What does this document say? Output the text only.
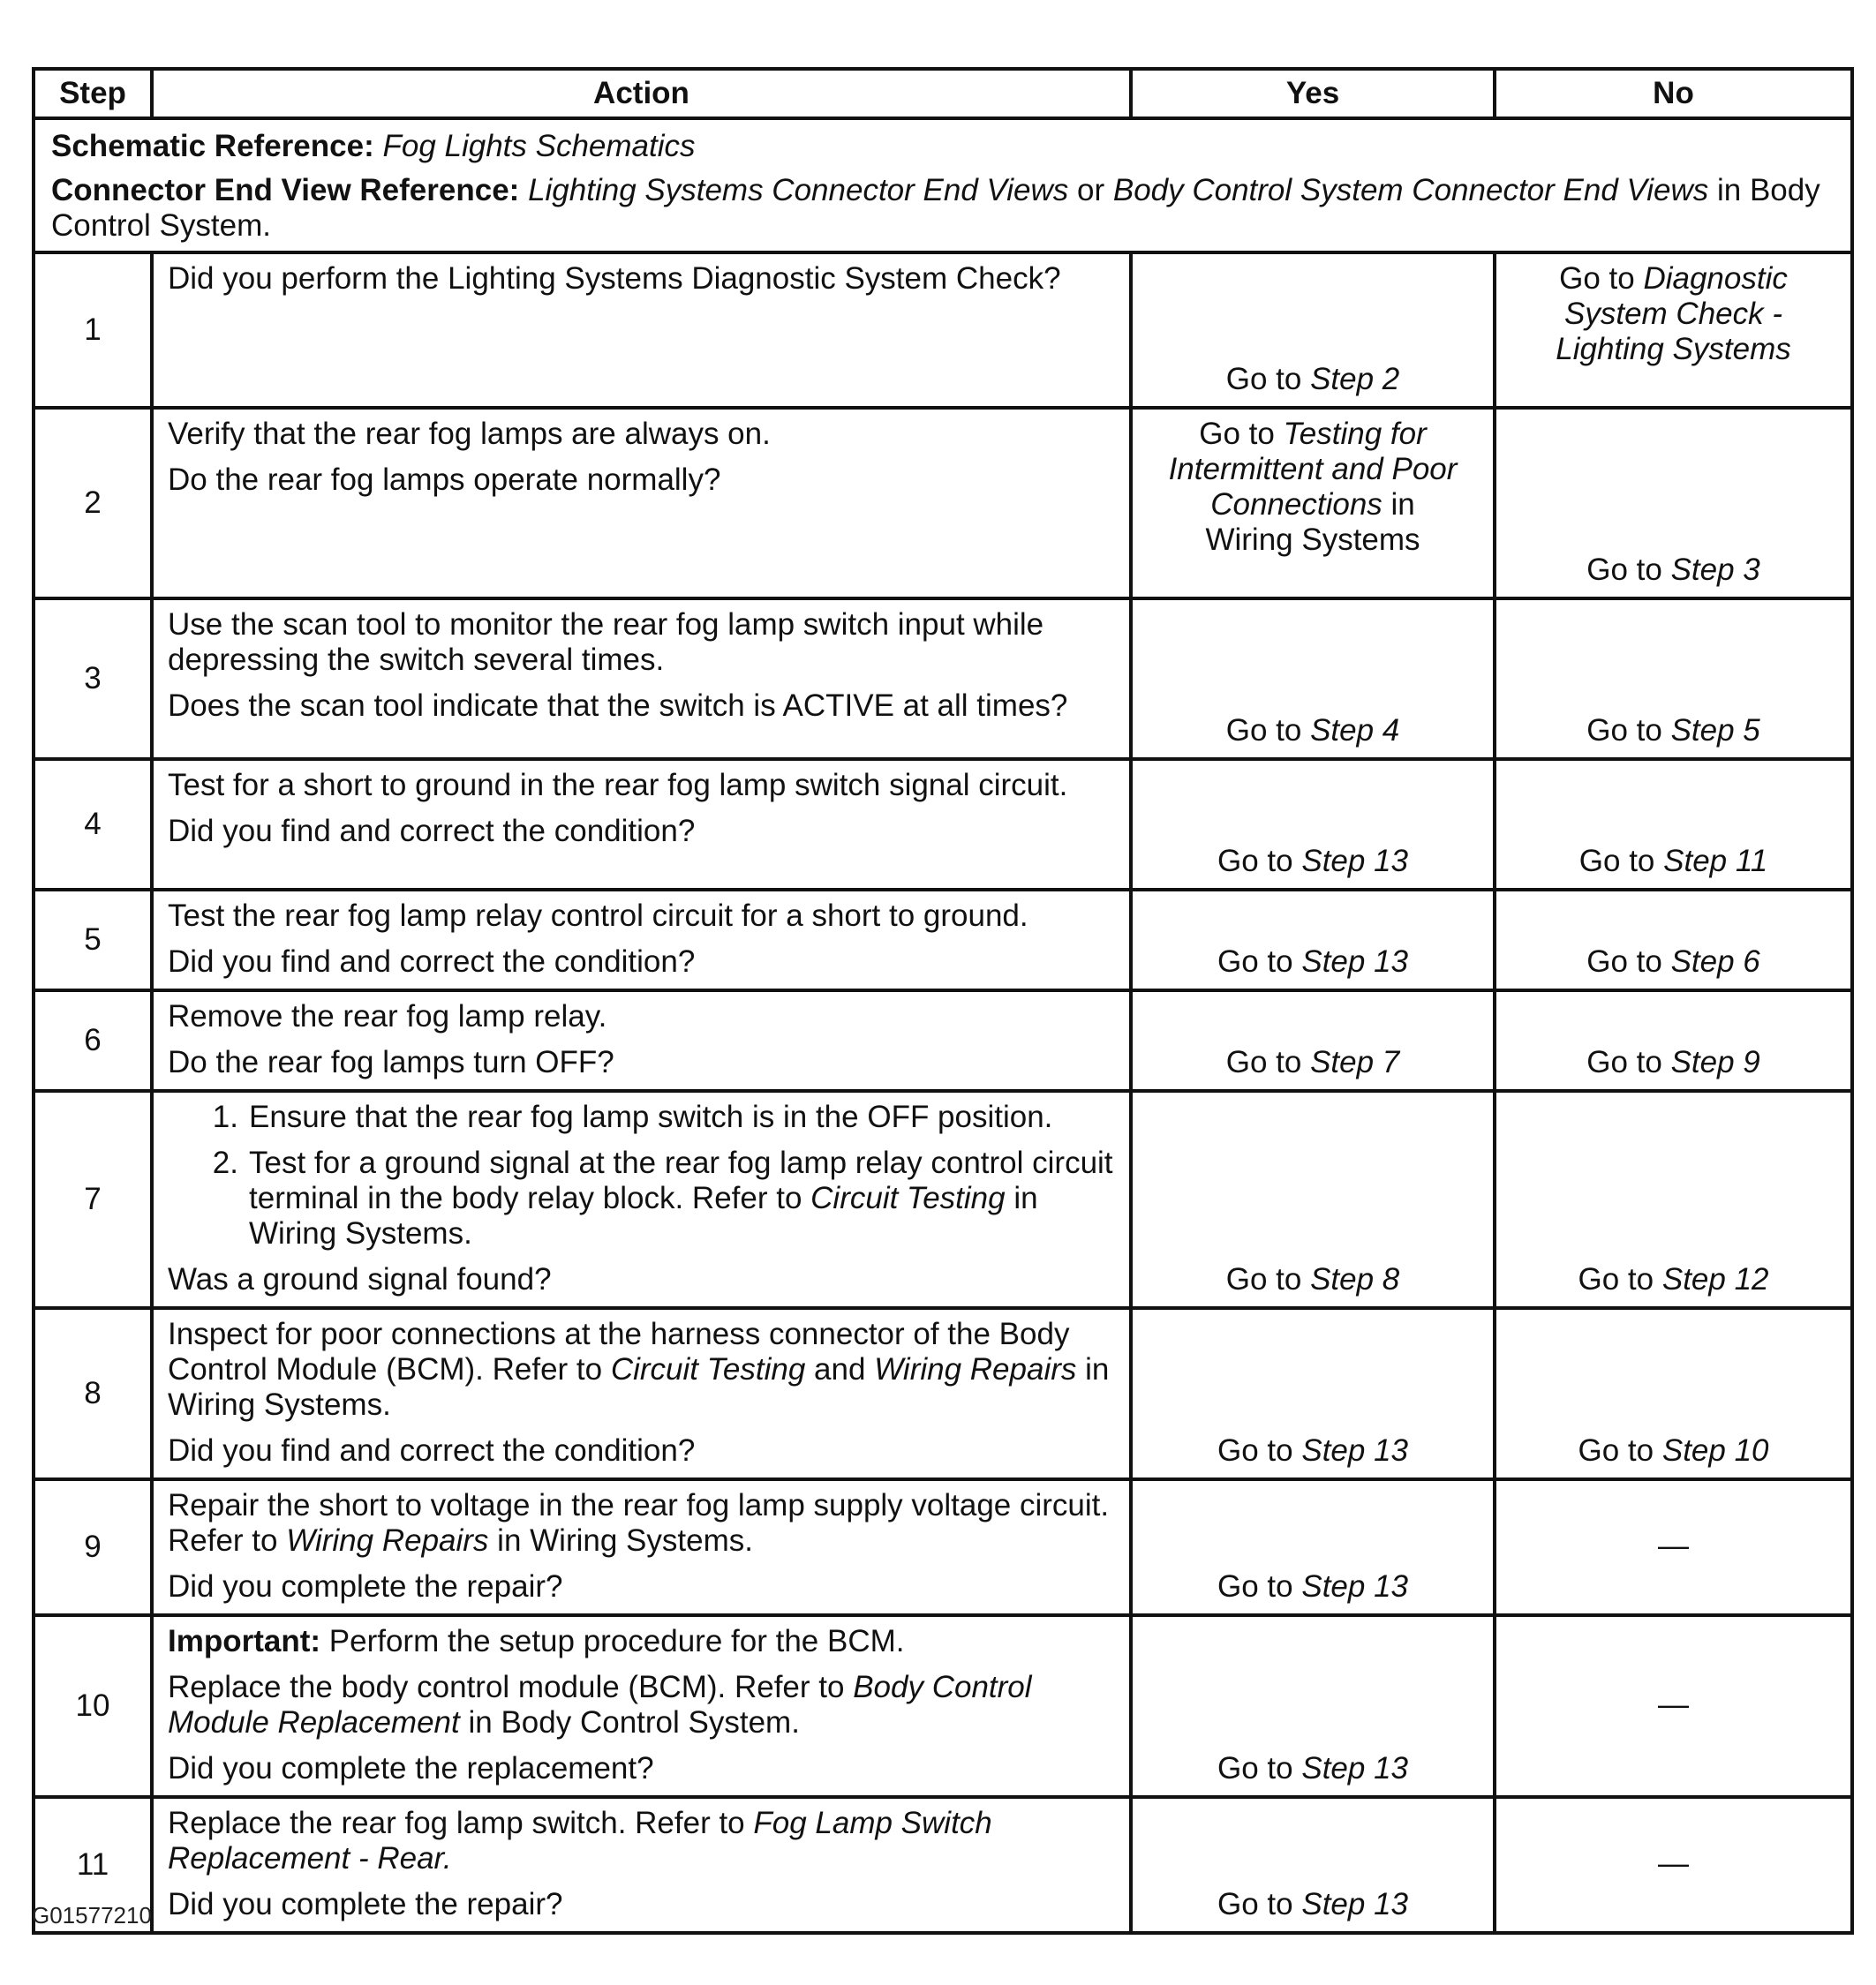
Step	Action	Yes	No

Schematic Reference: Fog Lights Schematics
Connector End View Reference: Lighting Systems Connector End Views or Body Control System Connector End Views in Body Control System.			

1	Did you perform the Lighting Systems Diagnostic System Check?	Go to Step 2	Go to Diagnostic System Check - Lighting Systems
2	Verify that the rear fog lamps are always on.
Do the rear fog lamps operate normally?	Go to Testing for Intermittent and Poor Connections in Wiring Systems	Go to Step 3
3	Use the scan tool to monitor the rear fog lamp switch input while depressing the switch several times.
Does the scan tool indicate that the switch is ACTIVE at all times?	Go to Step 4	Go to Step 5
4	Test for a short to ground in the rear fog lamp switch signal circuit.
Did you find and correct the condition?	Go to Step 13	Go to Step 11
5	Test the rear fog lamp relay control circuit for a short to ground.
Did you find and correct the condition?	Go to Step 13	Go to Step 6
6	Remove the rear fog lamp relay.
Do the rear fog lamps turn OFF?	Go to Step 7	Go to Step 9
7	1. Ensure that the rear fog lamp switch is in the OFF position.
2. Test for a ground signal at the rear fog lamp relay control circuit terminal in the body relay block. Refer to Circuit Testing in Wiring Systems.
Was a ground signal found?	Go to Step 8	Go to Step 12
8	Inspect for poor connections at the harness connector of the Body Control Module (BCM). Refer to Circuit Testing and Wiring Repairs in Wiring Systems.
Did you find and correct the condition?	Go to Step 13	Go to Step 10
9	Repair the short to voltage in the rear fog lamp supply voltage circuit. Refer to Wiring Repairs in Wiring Systems.
Did you complete the repair?	Go to Step 13	—
10	Important: Perform the setup procedure for the BCM.
Replace the body control module (BCM). Refer to Body Control Module Replacement in Body Control System.
Did you complete the replacement?	Go to Step 13	—
11	Replace the rear fog lamp switch. Refer to Fog Lamp Switch Replacement - Rear.
Did you complete the repair?	Go to Step 13	—
G01577210
